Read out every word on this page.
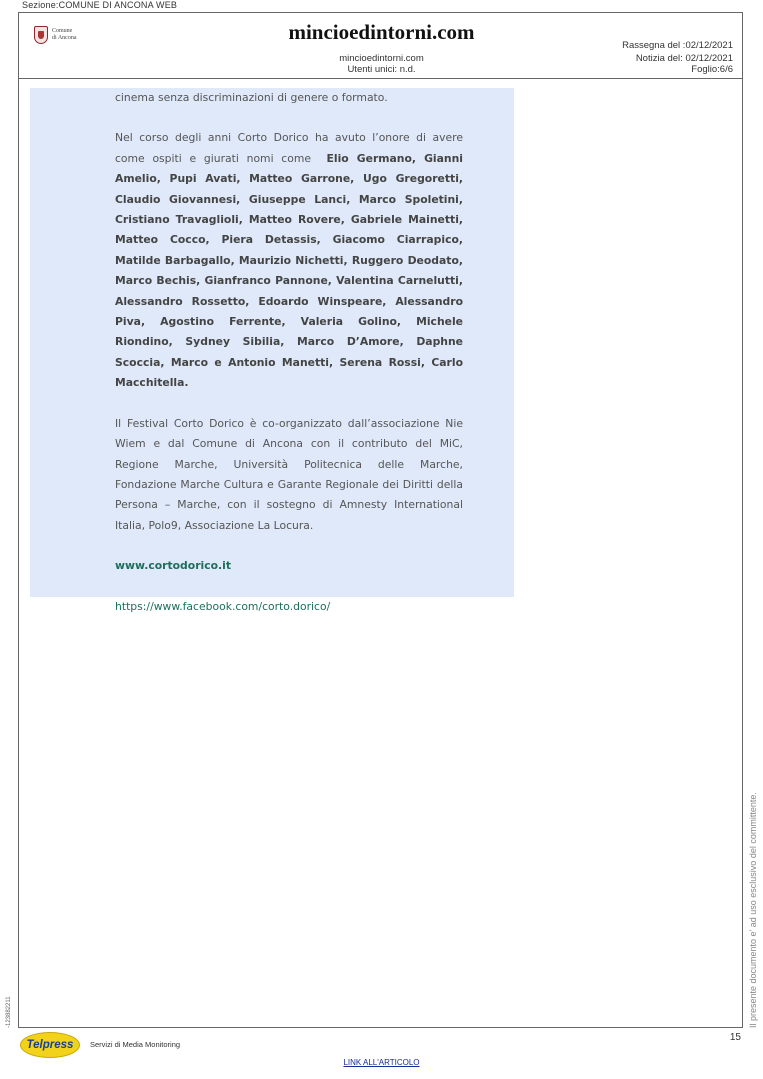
Sezione:COMUNE DI ANCONA WEB
Comune
di Ancona	mincioedintorni.com
mincioedintorni.com
Utenti unici: n.d.
Rassegna del :02/12/2021
Notizia del: 02/12/2021
Foglio:6/6

cinema senza discriminazioni di genere o formato.

Nel corso degli anni Corto Dorico ha avuto l’onore di avere come ospiti e giurati nomi come Elio Germano, Gianni Amelio, Pupi Avati, Matteo Garrone, Ugo Gregoretti, Claudio Giovannesi, Giuseppe Lanci, Marco Spoletini, Cristiano Travaglioli, Matteo Rovere, Gabriele Mainetti, Matteo Cocco, Piera Detassis, Giacomo Ciarrapico, Matilde Barbagallo, Maurizio Nichetti, Ruggero Deodato, Marco Bechis, Gianfranco Pannone, Valentina Carnelutti, Alessandro Rossetto, Edoardo Winspeare, Alessandro Piva, Agostino Ferrente, Valeria Golino, Michele Riondino, Sydney Sibilia, Marco D’Amore, Daphne Scoccia, Marco e Antonio Manetti, Serena Rossi, Carlo Macchitella.

Il Festival Corto Dorico è co-organizzato dall’associazione Nie Wiem e dal Comune di Ancona con il contributo del MiC, Regione Marche, Università Politecnica delle Marche, Fondazione Marche Cultura e Garante Regionale dei Diritti della Persona – Marche, con il sostegno di Amnesty International Italia, Polo9, Associazione La Locura.

www.cortodorico.it

https://www.facebook.com/corto.dorico/

Il presente documento e' ad uso esclusivo del committente.
-123882211
Telpress	Servizi di Media Monitoring
15
LINK ALL'ARTICOLO
